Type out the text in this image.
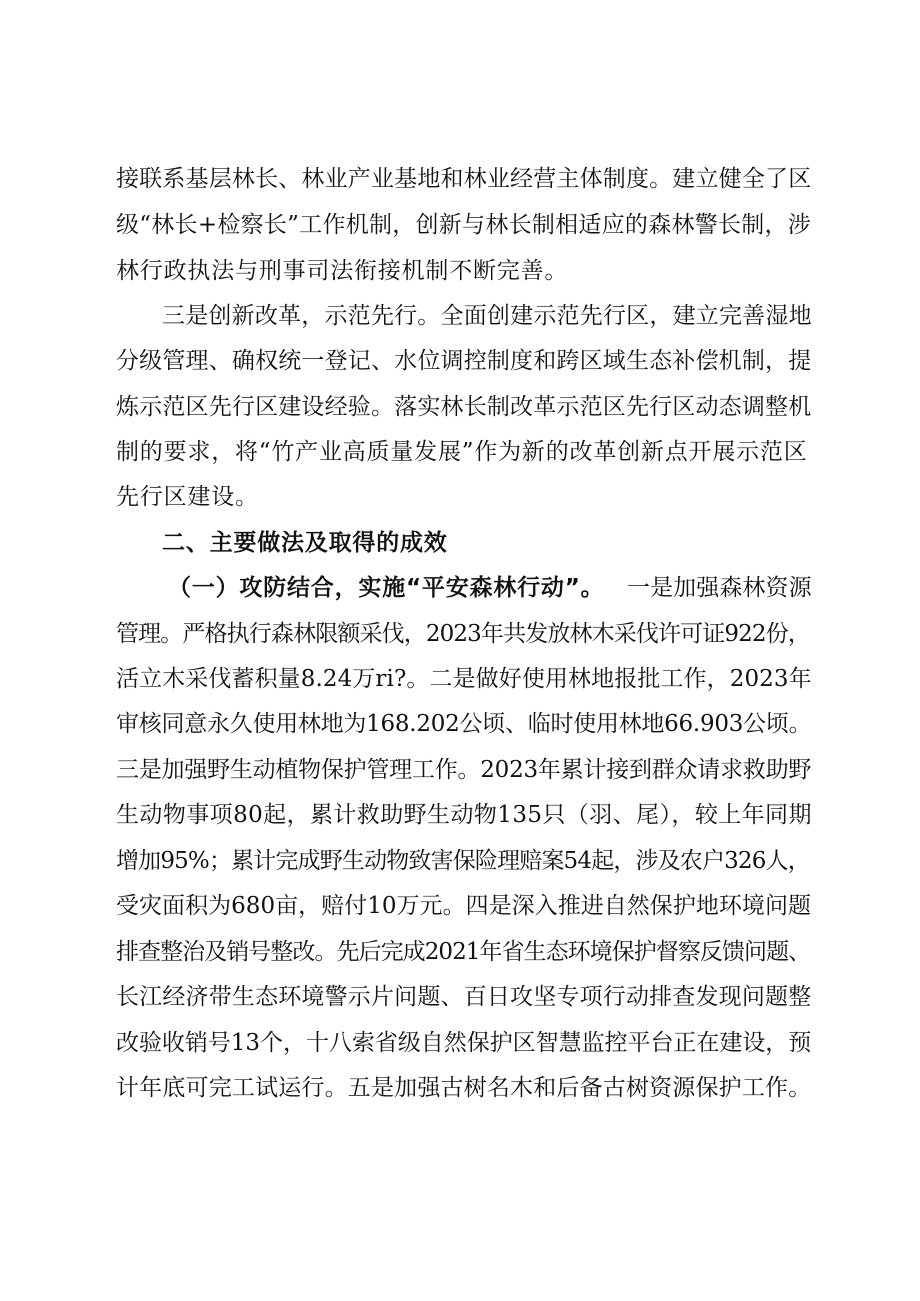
接联系基层林长、林业产业基地和林业经营主体制度。建立健全了区
级“林长+检察长”工作机制，创新与林长制相适应的森林警长制，涉
林行政执法与刑事司法衔接机制不断完善。
三是创新改革，示范先行。全面创建示范先行区，建立完善湿地
分级管理、确权统一登记、水位调控制度和跨区域生态补偿机制，提
炼示范区先行区建设经验。落实林长制改革示范区先行区动态调整机
制的要求，将“竹产业高质量发展”作为新的改革创新点开展示范区
先行区建设。
二、主要做法及取得的成效
（一）攻防结合，实施“平安森林行动”。 一是加强森林资源
管理。严格执行森林限额采伐，2023年共发放林木采伐许可证922份，
活立木采伐蓄积量8.24万ri?。二是做好使用林地报批工作，2023年
审核同意永久使用林地为168.202公顷、临时使用林地66.903公顷。
三是加强野生动植物保护管理工作。2023年累计接到群众请求救助野
生动物事项80起，累计救助野生动物135只（羽、尾），较上年同期
增加95%；累计完成野生动物致害保险理赔案54起，涉及农户326人，
受灾面积为680亩，赔付10万元。四是深入推进自然保护地环境问题
排查整治及销号整改。先后完成2021年省生态环境保护督察反馈问题、
长江经济带生态环境警示片问题、百日攻坚专项行动排查发现问题整
改验收销号13个，十八索省级自然保护区智慧监控平台正在建设，预
计年底可完工试运行。五是加强古树名木和后备古树资源保护工作。
